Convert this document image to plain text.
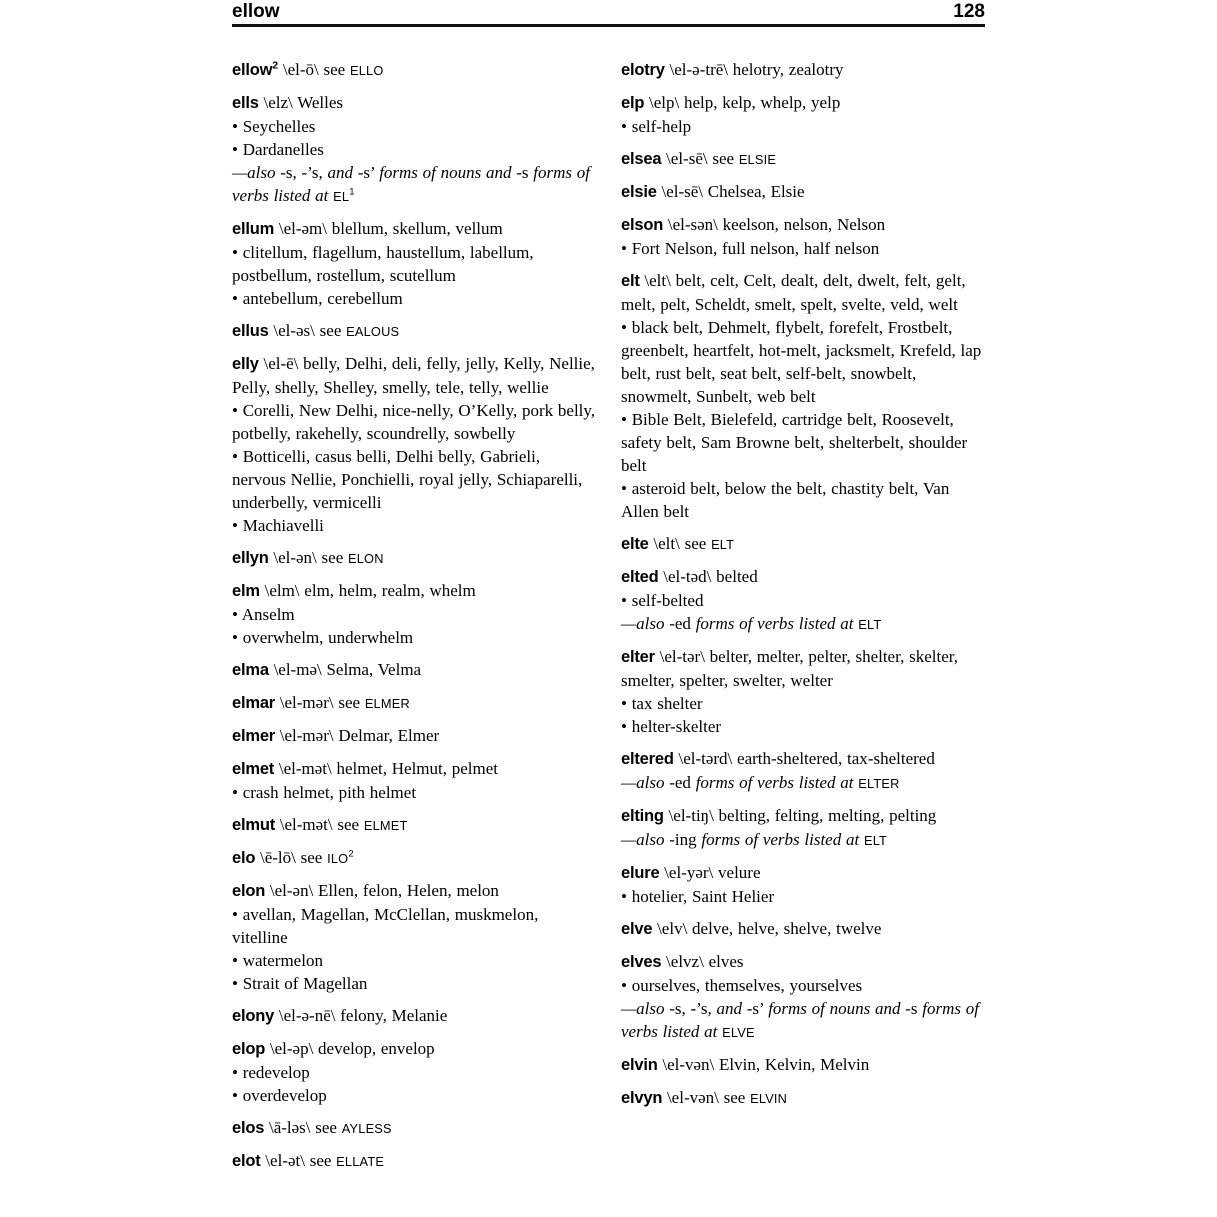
ellow	128

ellow$^2$ \el-ō\ see ELLO

ells \elz\ Welles

• Seychelles

• Dardanelles

—also -s, -’s, and -s’ forms of nouns and -s forms of verbs listed at $EL^1$

ellum \el-əm\ blellum, skellum, vellum

• clitellum, flagellum, haustellum, labellum, postbellum, rostellum, scutellum

• antebellum, cerebellum

ellus \el-əs\ see EALOUS

elly \el-ē\ belly, Delhi, deli, felly, jelly, Kelly, Nellie, Pelly, shelly, Shelley, smelly, tele, telly, wellie

• Corelli, New Delhi, nice-nelly, O’Kelly, pork belly, potbelly, rakehelly, scoundrelly, sowbelly

• Botticelli, casus belli, Delhi belly, Gabrieli, nervous Nellie, Ponchielli, royal jelly, Schiaparelli, underbelly, vermicelli

• Machiavelli

ellyn \el-ən\ see ELON

elm \elm\ elm, helm, realm, whelm

• Anselm

• overwhelm, underwhelm

elma \el-mə\ Selma, Velma

elmar \el-mər\ see ELMER

elmer \el-mər\ Delmar, Elmer

elmet \el-mət\ helmet, Helmut, pelmet

• crash helmet, pith helmet

elmut \el-mət\ see ELMET

elo \ē-lō\ see ILO$^2$

elon \el-ən\ Ellen, felon, Helen, melon

• avellan, Magellan, McClellan, muskmelon, vitelline

• watermelon

• Strait of Magellan

elony \el-ə-nē\ felony, Melanie

elop \el-əp\ develop, envelop

• redevelop

• overdevelop

elos \ā-ləs\ see AYLESS

elot \el-ət\ see ELLATE

elotry \el-ə-trē\ helotry, zealotry

elp \elp\ help, kelp, whelp, yelp

• self-help

elsea \el-sē\ see ELSIE

elsie \el-sē\ Chelsea, Elsie

elson \el-sən\ keelson, nelson, Nelson

• Fort Nelson, full nelson, half nelson

elt \elt\ belt, celt, Celt, dealt, delt, dwelt, felt, gelt, melt, pelt, Scheldt, smelt, spelt, svelte, veld, welt

• black belt, Dehmelt, flybelt, forefelt, Frostbelt, greenbelt, heartfelt, hot-melt, jacksmelt, Krefeld, lap belt, rust belt, seat belt, self-belt, snowbelt, snowmelt, Sunbelt, web belt

• Bible Belt, Bielefeld, cartridge belt, Roosevelt, safety belt, Sam Browne belt, shelterbelt, shoulder belt

• asteroid belt, below the belt, chastity belt, Van Allen belt

elte \elt\ see ELT

elted \el-təd\ belted

• self-belted

—also -ed forms of verbs listed at ELT

elter \el-tər\ belter, melter, pelter, shelter, skelter, smelter, spelter, swelter, welter

• tax shelter

• helter-skelter

eltered \el-tərd\ earth-sheltered, tax-sheltered

—also -ed forms of verbs listed at ELTER

elting \el-tiŋ\ belting, felting, melting, pelting

—also -ing forms of verbs listed at ELT

elure \el-yər\ velure

• hotelier, Saint Helier

elve \elv\ delve, helve, shelve, twelve

elves \elvz\ elves

• ourselves, themselves, yourselves

—also -s, -’s, and -s’ forms of nouns and -s forms of verbs listed at ELVE

elvin \el-vən\ Elvin, Kelvin, Melvin

elvyn \el-vən\ see ELVIN
